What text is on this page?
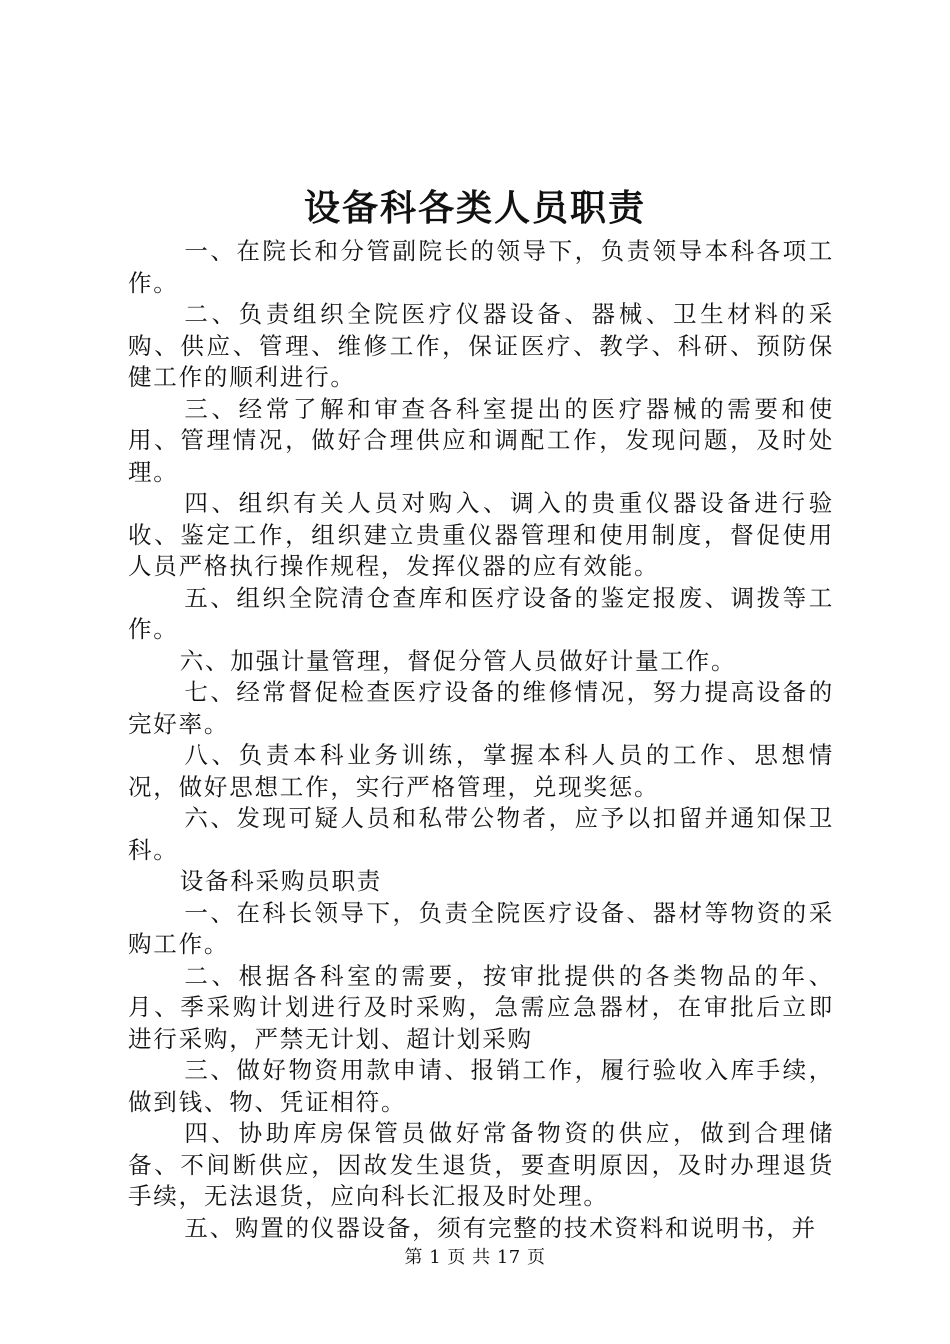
设备科各类人员职责

一、在院长和分管副院长的领导下，负责领导本科各项工作。

二、负责组织全院医疗仪器设备、器械、卫生材料的采购、供应、管理、维修工作，保证医疗、教学、科研、预防保健工作的顺利进行。

三、经常了解和审查各科室提出的医疗器械的需要和使用、管理情况，做好合理供应和调配工作，发现问题，及时处理。

四、组织有关人员对购入、调入的贵重仪器设备进行验收、鉴定工作，组织建立贵重仪器管理和使用制度，督促使用人员严格执行操作规程，发挥仪器的应有效能。

五、组织全院清仓查库和医疗设备的鉴定报废、调拨等工作。

六、加强计量管理，督促分管人员做好计量工作。

七、经常督促检查医疗设备的维修情况，努力提高设备的完好率。

八、负责本科业务训练，掌握本科人员的工作、思想情况，做好思想工作，实行严格管理，兑现奖惩。

六、发现可疑人员和私带公物者，应予以扣留并通知保卫科。

设备科采购员职责

一、在科长领导下，负责全院医疗设备、器材等物资的采购工作。

二、根据各科室的需要，按审批提供的各类物品的年、月、季采购计划进行及时采购，急需应急器材，在审批后立即进行采购，严禁无计划、超计划采购

三、做好物资用款申请、报销工作，履行验收入库手续，做到钱、物、凭证相符。

四、协助库房保管员做好常备物资的供应，做到合理储备、不间断供应，因故发生退货，要查明原因，及时办理退货手续，无法退货，应向科长汇报及时处理。

五、购置的仪器设备，须有完整的技术资料和说明书，并

第 1 页 共 17 页
